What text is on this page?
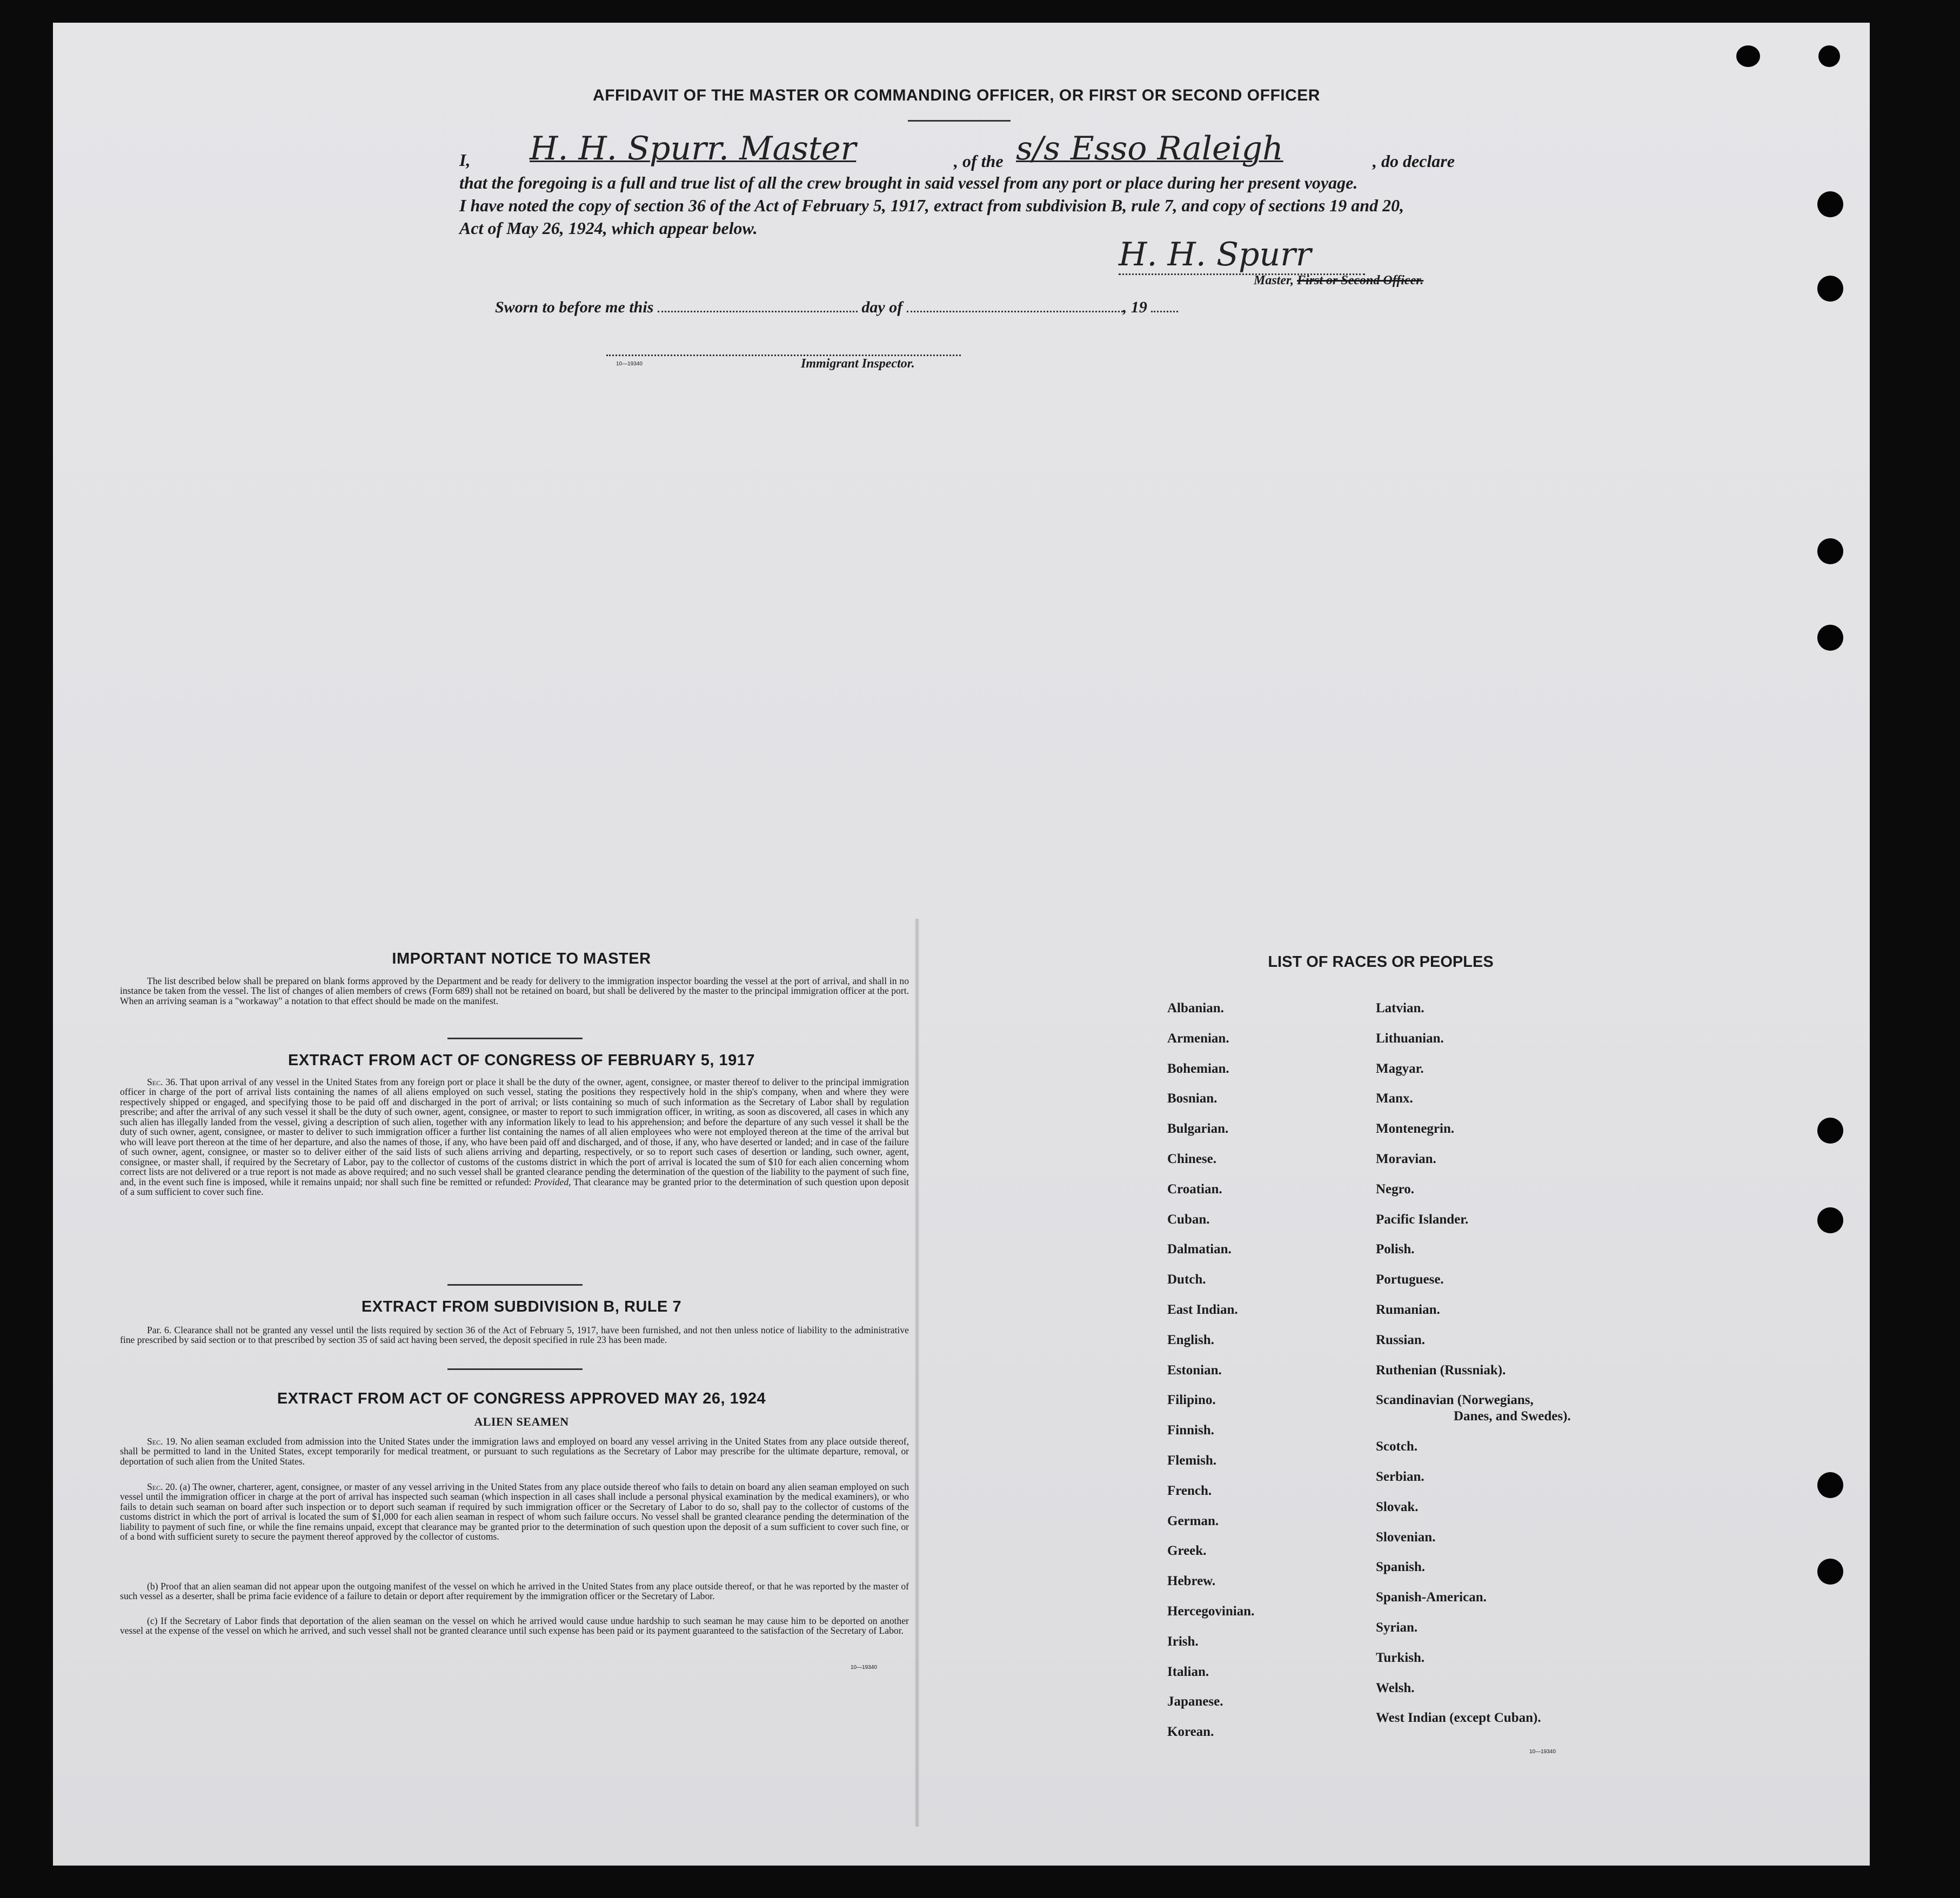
AFFIDAVIT OF THE MASTER OR COMMANDING OFFICER, OR FIRST OR SECOND OFFICER
I, H. H. Spurr. Master	, of the s/s Esso Raleigh	, do declare
that the foregoing is a full and true list of all the crew brought in said vessel from any port or place during her present voyage.
I have noted the copy of section 36 of the Act of February 5, 1917, extract from subdivision B, rule 7, and copy of sections 19 and 20,
Act of May 26, 1924, which appear below.
H. H. Spurr
Master, First or Second Officer.
Sworn to before me this	day of	, 19
10—19340	Immigrant Inspector.
IMPORTANT NOTICE TO MASTER
The list described below shall be prepared on blank forms approved by the Department and be ready for delivery to the immigration inspector boarding the vessel at the port of arrival, and shall in no instance be taken from the vessel. The list of changes of alien members of crews (Form 689) shall not be retained on board, but shall be delivered by the master to the principal immigration officer at the port. When an arriving seaman is a "workaway" a notation to that effect should be made on the manifest.
EXTRACT FROM ACT OF CONGRESS OF FEBRUARY 5, 1917
Sec. 36. That upon arrival of any vessel in the United States from any foreign port or place it shall be the duty of the owner, agent, consignee, or master thereof to deliver to the principal immigration officer in charge of the port of arrival lists containing the names of all aliens employed on such vessel, stating the positions they respectively hold in the ship's company, when and where they were respectively shipped or engaged, and specifying those to be paid off and discharged in the port of arrival; or lists containing so much of such information as the Secretary of Labor shall by regulation prescribe; and after the arrival of any such vessel it shall be the duty of such owner, agent, consignee, or master to report to such immigration officer, in writing, as soon as discovered, all cases in which any such alien has illegally landed from the vessel, giving a description of such alien, together with any information likely to lead to his apprehension; and before the departure of any such vessel it shall be the duty of such owner, agent, consignee, or master to deliver to such immigration officer a further list containing the names of all alien employees who were not employed thereon at the time of the arrival but who will leave port thereon at the time of her departure, and also the names of those, if any, who have been paid off and discharged, and of those, if any, who have deserted or landed; and in case of the failure of such owner, agent, consignee, or master so to deliver either of the said lists of such aliens arriving and departing, respectively, or so to report such cases of desertion or landing, such owner, agent, consignee, or master shall, if required by the Secretary of Labor, pay to the collector of customs of the customs district in which the port of arrival is located the sum of $10 for each alien concerning whom correct lists are not delivered or a true report is not made as above required; and no such vessel shall be granted clearance pending the determination of the question of the liability to the payment of such fine, and, in the event such fine is imposed, while it remains unpaid; nor shall such fine be remitted or refunded: Provided, That clearance may be granted prior to the determination of such question upon deposit of a sum sufficient to cover such fine.
EXTRACT FROM SUBDIVISION B, RULE 7
Par. 6. Clearance shall not be granted any vessel until the lists required by section 36 of the Act of February 5, 1917, have been furnished, and not then unless notice of liability to the administrative fine prescribed by said section or to that prescribed by section 35 of said act having been served, the deposit specified in rule 23 has been made.
EXTRACT FROM ACT OF CONGRESS APPROVED MAY 26, 1924
ALIEN SEAMEN
Sec. 19. No alien seaman excluded from admission into the United States under the immigration laws and employed on board any vessel arriving in the United States from any place outside thereof, shall be permitted to land in the United States, except temporarily for medical treatment, or pursuant to such regulations as the Secretary of Labor may prescribe for the ultimate departure, removal, or deportation of such alien from the United States.
Sec. 20. (a) The owner, charterer, agent, consignee, or master of any vessel arriving in the United States from any place outside thereof who fails to detain on board any alien seaman employed on such vessel until the immigration officer in charge at the port of arrival has inspected such seaman (which inspection in all cases shall include a personal physical examination by the medical examiners), or who fails to detain such seaman on board after such inspection or to deport such seaman if required by such immigration officer or the Secretary of Labor to do so, shall pay to the collector of customs of the customs district in which the port of arrival is located the sum of $1,000 for each alien seaman in respect of whom such failure occurs. No vessel shall be granted clearance pending the determination of the liability to payment of such fine, or while the fine remains unpaid, except that clearance may be granted prior to the determination of such question upon the deposit of a sum sufficient to cover such fine, or of a bond with sufficient surety to secure the payment thereof approved by the collector of customs.
(b) Proof that an alien seaman did not appear upon the outgoing manifest of the vessel on which he arrived in the United States from any place outside thereof, or that he was reported by the master of such vessel as a deserter, shall be prima facie evidence of a failure to detain or deport after requirement by the immigration officer or the Secretary of Labor.
(c) If the Secretary of Labor finds that deportation of the alien seaman on the vessel on which he arrived would cause undue hardship to such seaman he may cause him to be deported on another vessel at the expense of the vessel on which he arrived, and such vessel shall not be granted clearance until such expense has been paid or its payment guaranteed to the satisfaction of the Secretary of Labor.
10—19340
LIST OF RACES OR PEOPLES
Albanian.
Armenian.
Bohemian.
Bosnian.
Bulgarian.
Chinese.
Croatian.
Cuban.
Dalmatian.
Dutch.
East Indian.
English.
Estonian.
Filipino.
Finnish.
Flemish.
French.
German.
Greek.
Hebrew.
Hercegovinian.
Irish.
Italian.
Japanese.
Korean.
Latvian.
Lithuanian.
Magyar.
Manx.
Montenegrin.
Moravian.
Negro.
Pacific Islander.
Polish.
Portuguese.
Rumanian.
Russian.
Ruthenian (Russniak).
Scandinavian (Norwegians,
Danes, and Swedes).
Scotch.
Serbian.
Slovak.
Slovenian.
Spanish.
Spanish-American.
Syrian.
Turkish.
Welsh.
West Indian (except Cuban).
10—19340
